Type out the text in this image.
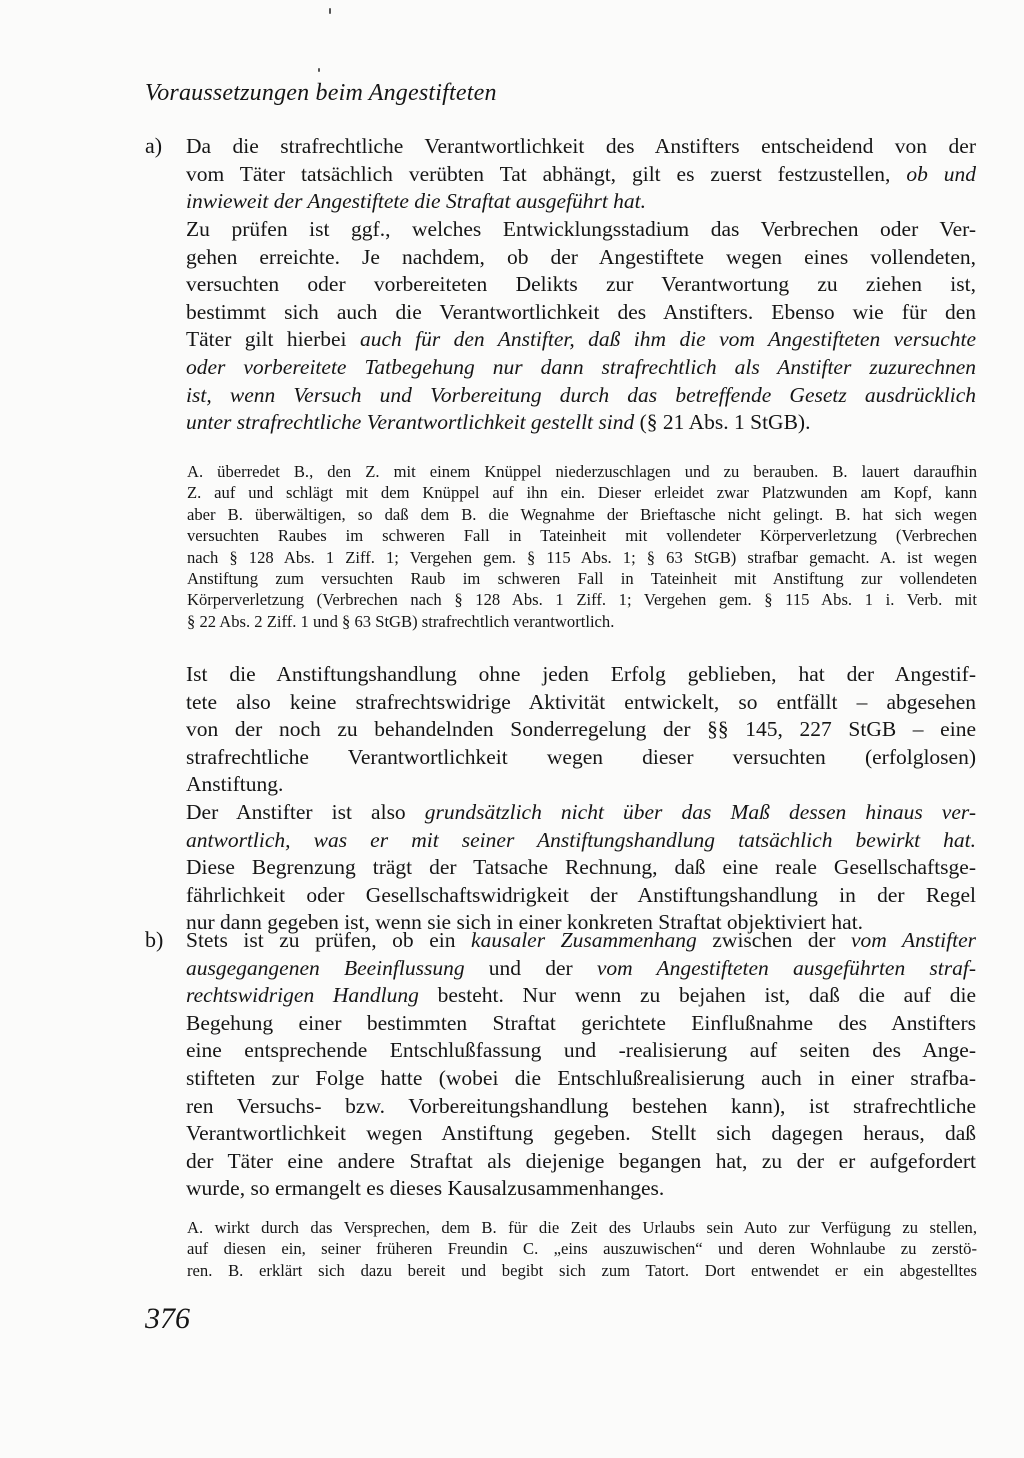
Voraussetzungen beim Angestifteten
a) Da die strafrechtliche Verantwortlichkeit des Anstifters entscheidend von der
vom Täter tatsächlich verübten Tat abhängt, gilt es zuerst festzustellen, ob und
inwieweit der Angestiftete die Straftat ausgeführt hat.
Zu prüfen ist ggf., welches Entwicklungsstadium das Verbrechen oder Ver-
gehen erreichte. Je nachdem, ob der Angestiftete wegen eines vollendeten,
versuchten oder vorbereiteten Delikts zur Verantwortung zu ziehen ist,
bestimmt sich auch die Verantwortlichkeit des Anstifters. Ebenso wie für den
Täter gilt hierbei auch für den Anstifter, daß ihm die vom Angestifteten versuchte
oder vorbereitete Tatbegehung nur dann strafrechtlich als Anstifter zuzurechnen
ist, wenn Versuch und Vorbereitung durch das betreffende Gesetz ausdrücklich
unter strafrechtliche Verantwortlichkeit gestellt sind (§ 21 Abs. 1 StGB).
A. überredet B., den Z. mit einem Knüppel niederzuschlagen und zu berauben. B. lauert daraufhin
Z. auf und schlägt mit dem Knüppel auf ihn ein. Dieser erleidet zwar Platzwunden am Kopf, kann
aber B. überwältigen, so daß dem B. die Wegnahme der Brieftasche nicht gelingt. B. hat sich wegen
versuchten Raubes im schweren Fall in Tateinheit mit vollendeter Körperverletzung (Verbrechen
nach § 128 Abs. 1 Ziff. 1; Vergehen gem. § 115 Abs. 1; § 63 StGB) strafbar gemacht. A. ist wegen
Anstiftung zum versuchten Raub im schweren Fall in Tateinheit mit Anstiftung zur vollendeten
Körperverletzung (Verbrechen nach § 128 Abs. 1 Ziff. 1; Vergehen gem. § 115 Abs. 1 i. Verb. mit
§ 22 Abs. 2 Ziff. 1 und § 63 StGB) strafrechtlich verantwortlich.
Ist die Anstiftungshandlung ohne jeden Erfolg geblieben, hat der Angestif-
tete also keine strafrechtswidrige Aktivität entwickelt, so entfällt – abgesehen
von der noch zu behandelnden Sonderregelung der §§ 145, 227 StGB – eine
strafrechtliche Verantwortlichkeit wegen dieser versuchten (erfolglosen)
Anstiftung.
Der Anstifter ist also grundsätzlich nicht über das Maß dessen hinaus ver-
antwortlich, was er mit seiner Anstiftungshandlung tatsächlich bewirkt hat.
Diese Begrenzung trägt der Tatsache Rechnung, daß eine reale Gesellschaftsge-
fährlichkeit oder Gesellschaftswidrigkeit der Anstiftungshandlung in der Regel
nur dann gegeben ist, wenn sie sich in einer konkreten Straftat objektiviert hat.
b) Stets ist zu prüfen, ob ein kausaler Zusammenhang zwischen der vom Anstifter
ausgegangenen Beeinflussung und der vom Angestifteten ausgeführten straf-
rechtswidrigen Handlung besteht. Nur wenn zu bejahen ist, daß die auf die
Begehung einer bestimmten Straftat gerichtete Einflußnahme des Anstifters
eine entsprechende Entschlußfassung und -realisierung auf seiten des Ange-
stifteten zur Folge hatte (wobei die Entschlußrealisierung auch in einer strafba-
ren Versuchs- bzw. Vorbereitungshandlung bestehen kann), ist strafrechtliche
Verantwortlichkeit wegen Anstiftung gegeben. Stellt sich dagegen heraus, daß
der Täter eine andere Straftat als diejenige begangen hat, zu der er aufgefordert
wurde, so ermangelt es dieses Kausalzusammenhanges.
A. wirkt durch das Versprechen, dem B. für die Zeit des Urlaubs sein Auto zur Verfügung zu stellen,
auf diesen ein, seiner früheren Freundin C. „eins auszuwischen“ und deren Wohnlaube zu zerstö-
ren. B. erklärt sich dazu bereit und begibt sich zum Tatort. Dort entwendet er ein abgestelltes
376
